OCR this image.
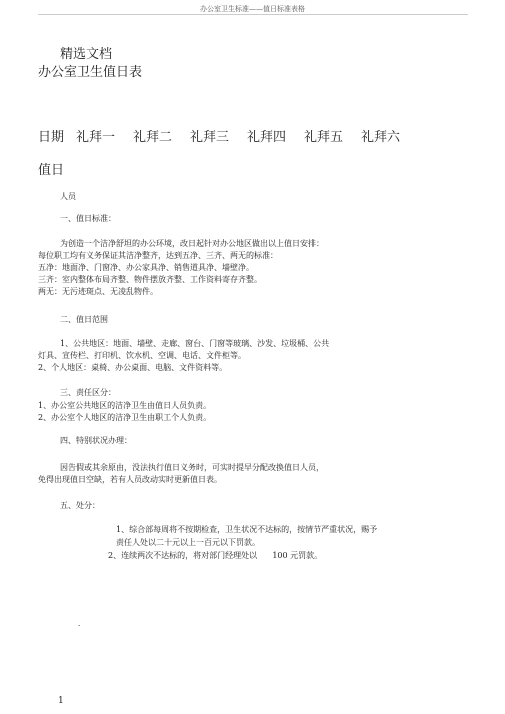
办公室卫生标准——值日标准表格
精选文档
办公室卫生值日表
日期 礼拜一 礼拜二 礼拜三 礼拜四 礼拜五 礼拜六
值日
人员
一、值日标准：
为创造一个洁净舒坦的办公环境，改日起针对办公地区做出以上值日安排：
每位职工均有义务保证其洁净整齐，达到五净、三齐、两无的标准：
五净：地面净、门窗净、办公家具净、销售道具净、墙壁净。
三齐：室内整体布局齐整、物件摆放齐整、工作资料寄存齐整。
两无：无污迹斑点、无凌乱物件。
二、值日范围
1、公共地区：地面、墙壁、走廊、窗台、门窗等玻璃、沙发、垃圾桶、公共
灯具、宣传栏、打印机、饮水机、空调、电话、文件柜等。
2、个人地区：桌椅、办公桌面、电脑、文件资料等。
三、责任区分：
1、办公室公共地区的洁净卫生由值日人员负责。
2、办公室个人地区的洁净卫生由职工个人负责。
四、特别状况办理：
因告假或其余原由，没法执行值日义务时，可实时提早分配改换值日人员，
免得出现值日空缺，若有人员改动实时更新值日表。
五、处分：
1、综合部每周将不按期检查，卫生状况不达标的，按情节严重状况，赐予
责任人处以二十元以上一百元以下罚款。
2、连续两次不达标的，将对部门经理处以      100 元罚款。
.
1
